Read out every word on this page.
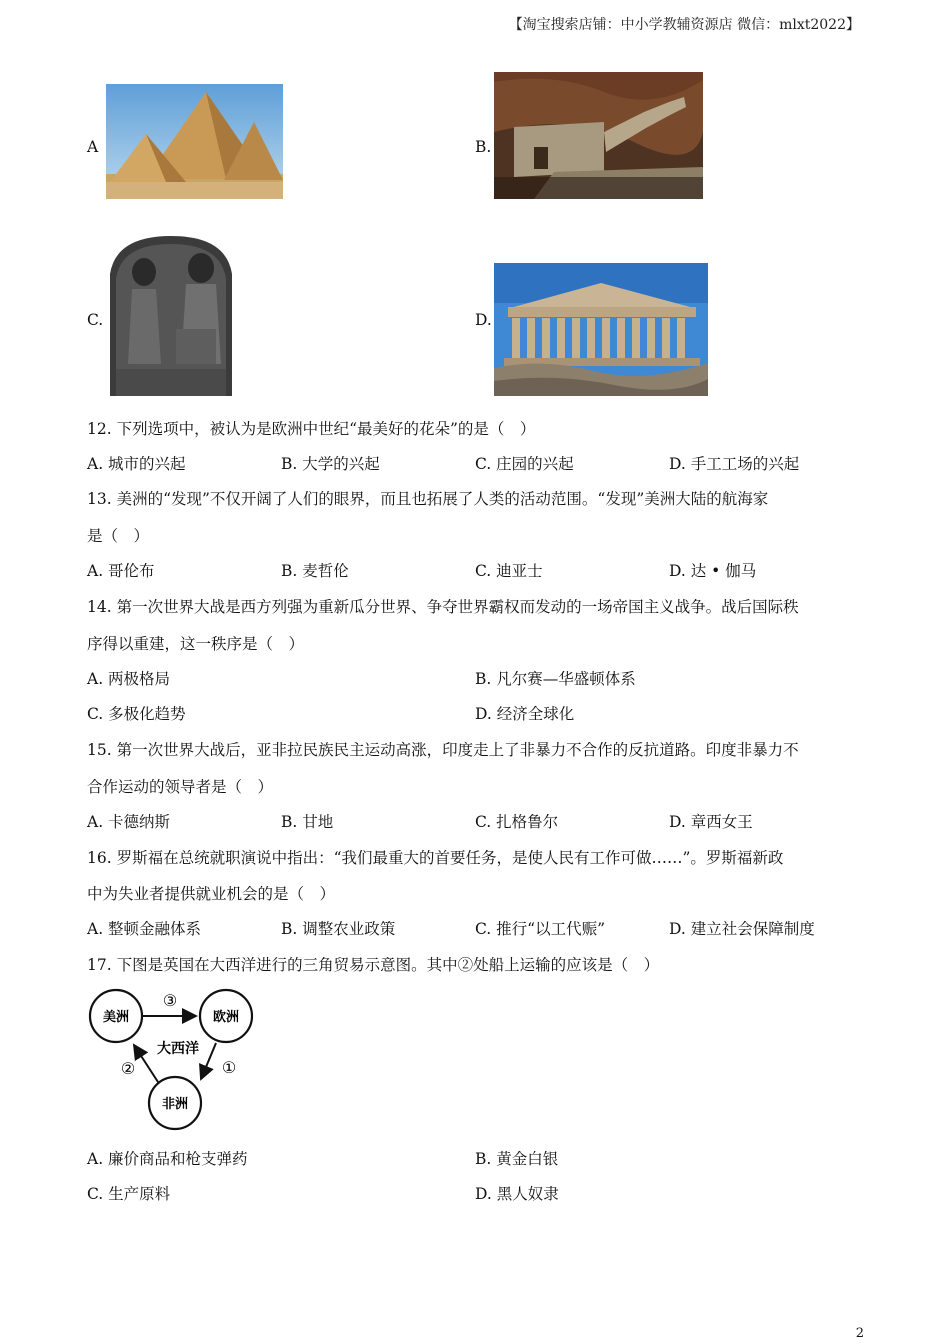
【淘宝搜索店铺：中小学教辅资源店 微信：mlxt2022】
A	B.
C.	D.
12. 下列选项中，被认为是欧洲中世纪“最美好的花朵”的是（　）
A. 城市的兴起	B. 大学的兴起	C. 庄园的兴起	D. 手工工场的兴起
13. 美洲的“发现”不仅开阔了人们的眼界，而且也拓展了人类的活动范围。“发现”美洲大陆的航海家
是（　）
A. 哥伦布	B. 麦哲伦	C. 迪亚士	D. 达 • 伽马
14. 第一次世界大战是西方列强为重新瓜分世界、争夺世界霸权而发动的一场帝国主义战争。战后国际秩
序得以重建，这一秩序是（　）
A. 两极格局	B. 凡尔赛—华盛顿体系
C. 多极化趋势	D. 经济全球化
15. 第一次世界大战后，亚非拉民族民主运动高涨，印度走上了非暴力不合作的反抗道路。印度非暴力不
合作运动的领导者是（　）
A. 卡德纳斯	B. 甘地	C. 扎格鲁尔	D. 章西女王
16. 罗斯福在总统就职演说中指出：“我们最重大的首要任务，是使人民有工作可做……”。罗斯福新政
中为失业者提供就业机会的是（　）
A. 整顿金融体系	B. 调整农业政策	C. 推行“以工代赈”	D. 建立社会保障制度
17. 下图是英国在大西洋进行的三角贸易示意图。其中②处船上运输的应该是（　）
美洲	欧洲
非洲
大西洋
③
①
②
A. 廉价商品和枪支弹药	B. 黄金白银
C. 生产原料	D. 黑人奴隶
2
